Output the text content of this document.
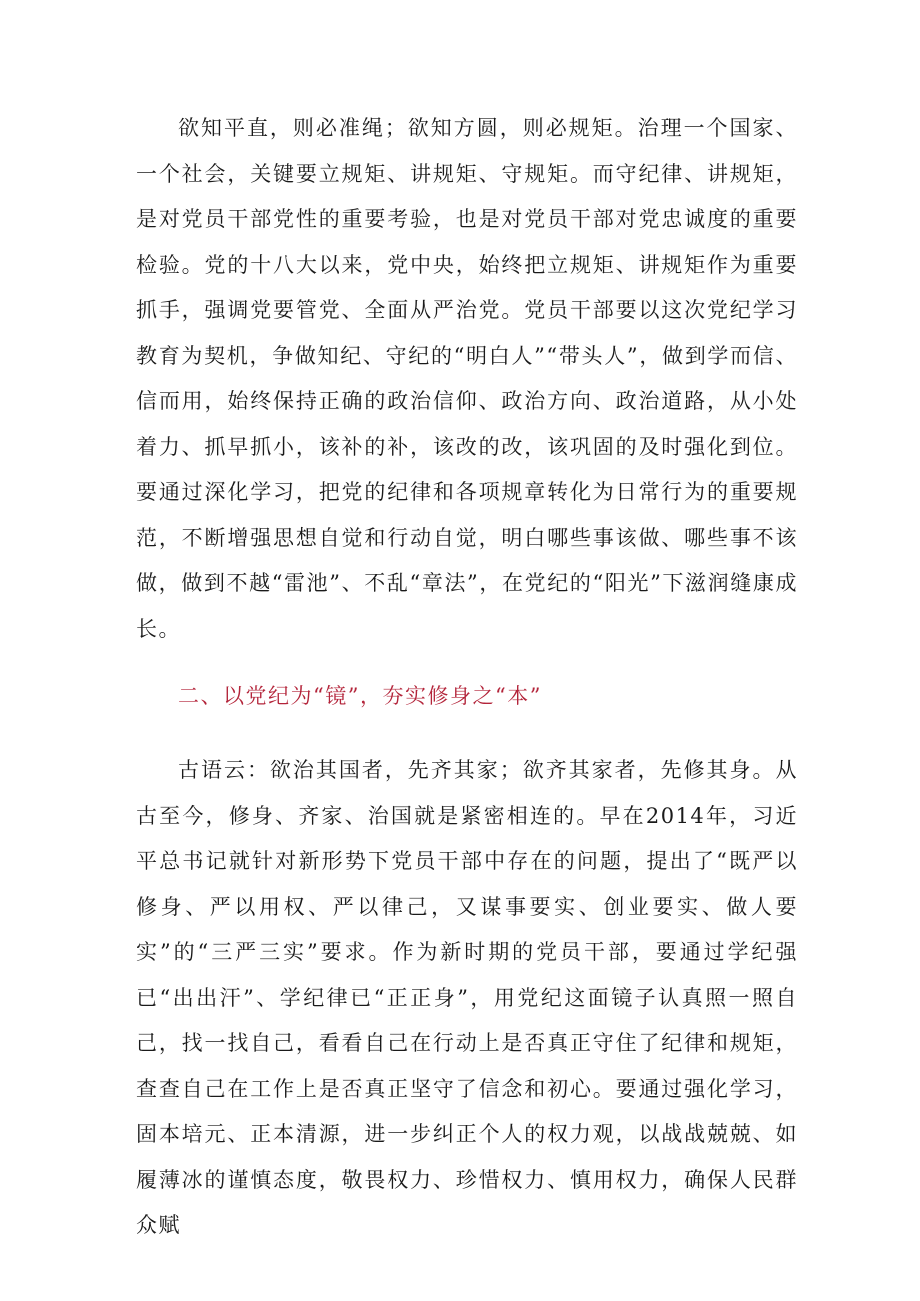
欲知平直，则必准绳；欲知方圆，则必规矩。治理一个国家、一个社会，关键要立规矩、讲规矩、守规矩。而守纪律、讲规矩，是对党员干部党性的重要考验，也是对党员干部对党忠诚度的重要检验。党的十八大以来，党中央，始终把立规矩、讲规矩作为重要抓手，强调党要管党、全面从严治党。党员干部要以这次党纪学习教育为契机，争做知纪、守纪的“明白人”“带头人”，做到学而信、信而用，始终保持正确的政治信仰、政治方向、政治道路，从小处着力、抓早抓小，该补的补，该改的改，该巩固的及时强化到位。要通过深化学习，把党的纪律和各项规章转化为日常行为的重要规范，不断增强思想自觉和行动自觉，明白哪些事该做、哪些事不该做，做到不越“雷池”、不乱“章法”，在党纪的“阳光”下滋润缝康成长。

二、以党纪为“镜”，夯实修身之“本”

古语云：欲治其国者，先齐其家；欲齐其家者，先修其身。从古至今，修身、齐家、治国就是紧密相连的。早在2014年，习近平总书记就针对新形势下党员干部中存在的问题，提出了“既严以修身、严以用权、严以律己，又谋事要实、创业要实、做人要实”的“三严三实”要求。作为新时期的党员干部，要通过学纪强已“出出汗”、学纪律已“正正身”，用党纪这面镜子认真照一照自己，找一找自己，看看自己在行动上是否真正守住了纪律和规矩，查查自己在工作上是否真正坚守了信念和初心。要通过强化学习，固本培元、正本清源，进一步纠正个人的权力观，以战战兢兢、如履薄冰的谨慎态度，敬畏权力、珍惜权力、慎用权力，确保人民群众赋
